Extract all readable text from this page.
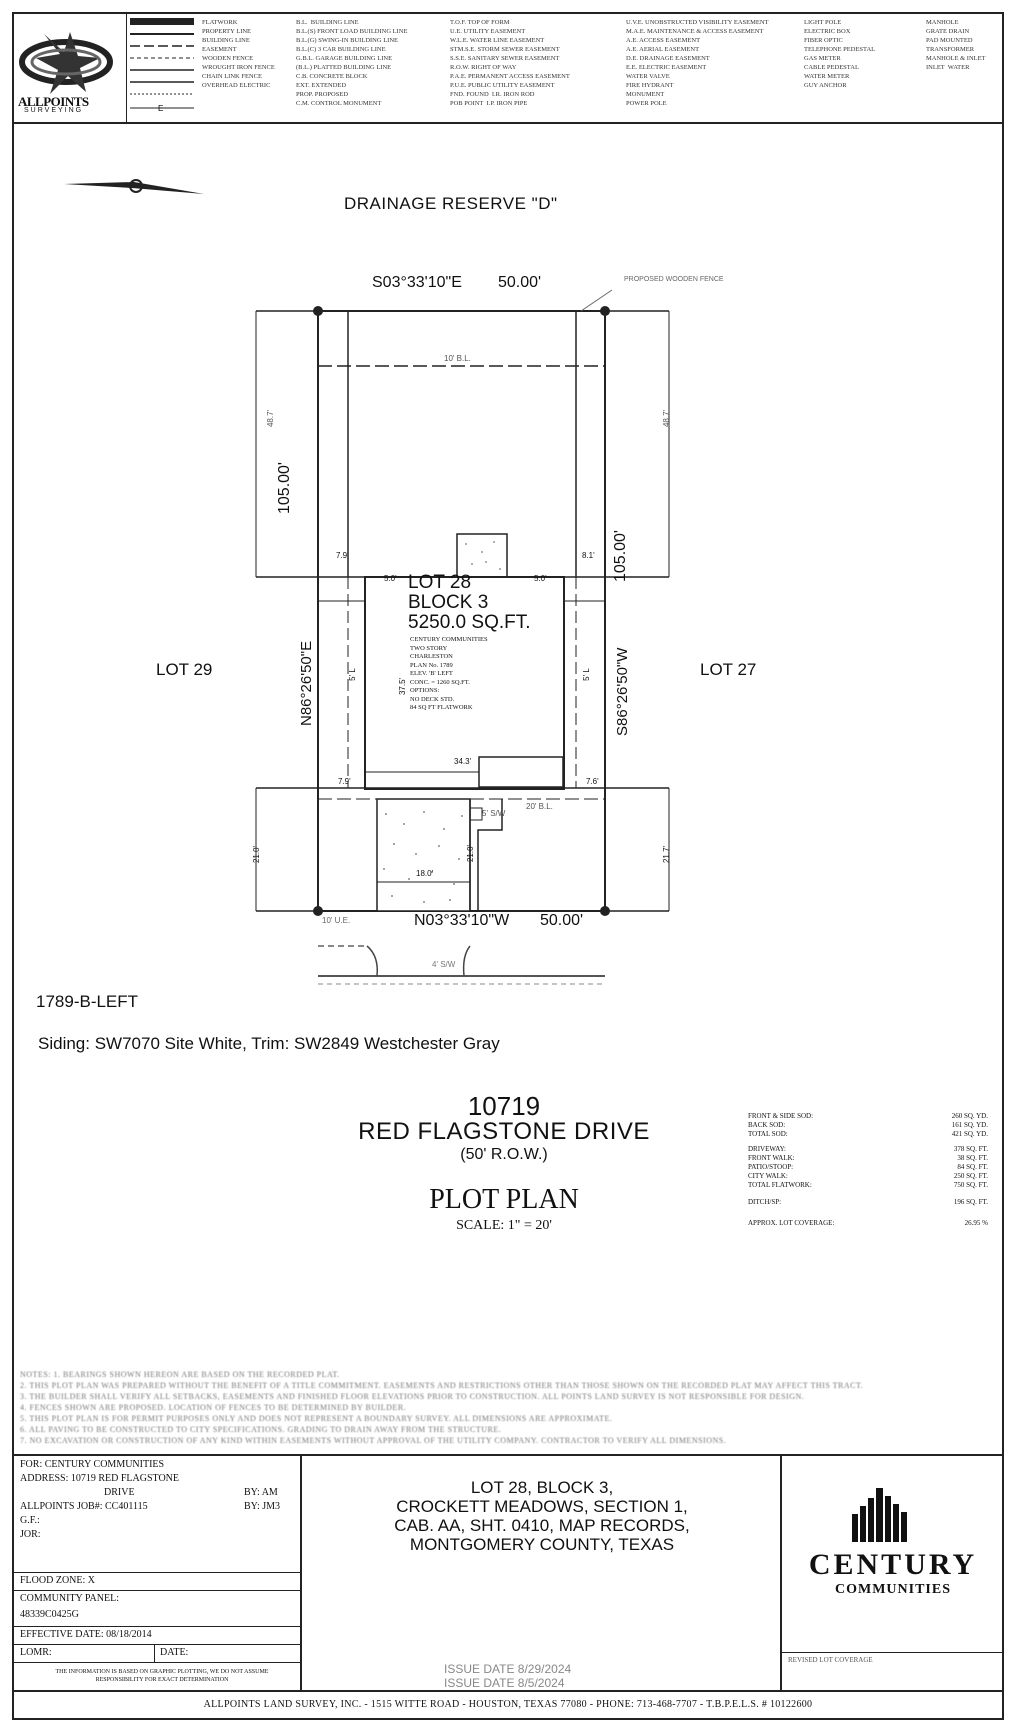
ALLPOINTS
SURVEYING	E
FLATWORK
PROPERTY LINE
BUILDING LINE
EASEMENT
WOODEN FENCE
WROUGHT IRON FENCE
CHAIN LINK FENCE
OVERHEAD ELECTRIC
B.L.  BUILDING LINE
B.L.(S) FRONT LOAD BUILDING LINE
B.L.(G) SWING-IN BUILDING LINE
B.L.(C) 3 CAR BUILDING LINE
G.B.L. GARAGE BUILDING LINE
(B.L.) PLATTED BUILDING LINE
C.B. CONCRETE BLOCK
EXT. EXTENDED
PROP. PROPOSED
C.M. CONTROL MONUMENT
T.O.F. TOP OF FORM
U.E. UTILITY EASEMENT
W.L.E. WATER LINE EASEMENT
STM.S.E. STORM SEWER EASEMENT
S.S.E. SANITARY SEWER EASEMENT
R.O.W. RIGHT OF WAY
P.A.E. PERMANENT ACCESS EASEMENT
P.U.E. PUBLIC UTILITY EASEMENT
FND. FOUND  I.R. IRON ROD
POB POINT  I.P. IRON PIPE
U.V.E. UNOBSTRUCTED VISIBILITY EASEMENT
M.A.E. MAINTENANCE & ACCESS EASEMENT
A.E. ACCESS EASEMENT
A.E. AERIAL EASEMENT
D.E. DRAINAGE EASEMENT
E.E. ELECTRIC EASEMENT
WATER VALVE
FIRE HYDRANT
MONUMENT
POWER POLE
LIGHT POLE
ELECTRIC BOX
FIBER OPTIC
TELEPHONE PEDESTAL
GAS METER
CABLE PEDESTAL
WATER METER
GUY ANCHOR
MANHOLE
GRATE DRAIN
PAD MOUNTED TRANSFORMER
MANHOLE & INLET   INLET  WATER
DRAINAGE RESERVE "D"
S03°33'10"E 50.00'	PROPOSED WOODEN FENCE
10' B.L.
48.7'	48.7'
105.00'
105.00'
N86°26'50"E	S86°26'50"W
LOT 29	LOT 27
7.9'	8.1'
5.0'	5.0'
LOT 28
BLOCK 3
5250.0 SQ.FT.
CENTURY COMMUNITIES
TWO STORY
CHARLESTON
PLAN No. 1789
ELEV. 'B' LEFT
CONC. = 1260 SQ.FT.
OPTIONS:
NO DECK STD.
84 SQ FT FLATWORK
37.5'
5' L	5' L
34.3'
7.9'	7.6'
20' B.L.
5' S/W
21.0'	21.7'
21.0'
18.0'
10' U.E.	N03°33'10"W 50.00'
4' S/W
1789-B-LEFT
Siding: SW7070 Site White, Trim: SW2849 Westchester Gray
10719
RED FLAGSTONE DRIVE
(50' R.O.W.)
PLOT PLAN
SCALE: 1" = 20'
FRONT & SIDE SOD:	260 SQ. YD.
BACK SOD:	161 SQ. YD.
TOTAL SOD:	421 SQ. YD.
DRIVEWAY:	378 SQ. FT.
FRONT WALK:	38 SQ. FT.
PATIO/STOOP:	84 SQ. FT.
CITY WALK:	250 SQ. FT.
TOTAL FLATWORK:	750 SQ. FT.
DITCH/SP:	196 SQ. FT.
APPROX. LOT COVERAGE:	26.95 %
NOTES: 1. BEARINGS SHOWN HEREON ARE BASED ON THE RECORDED PLAT.
2. THIS PLOT PLAN WAS PREPARED WITHOUT THE BENEFIT OF A TITLE COMMITMENT. EASEMENTS AND RESTRICTIONS OTHER THAN THOSE SHOWN ON THE RECORDED PLAT MAY AFFECT THIS TRACT.
3. THE BUILDER SHALL VERIFY ALL SETBACKS, EASEMENTS AND FINISHED FLOOR ELEVATIONS PRIOR TO CONSTRUCTION. ALL POINTS LAND SURVEY IS NOT RESPONSIBLE FOR DESIGN.
4. FENCES SHOWN ARE PROPOSED. LOCATION OF FENCES TO BE DETERMINED BY BUILDER.
5. THIS PLOT PLAN IS FOR PERMIT PURPOSES ONLY AND DOES NOT REPRESENT A BOUNDARY SURVEY. ALL DIMENSIONS ARE APPROXIMATE.
6. ALL PAVING TO BE CONSTRUCTED TO CITY SPECIFICATIONS. GRADING TO DRAIN AWAY FROM THE STRUCTURE.
7. NO EXCAVATION OR CONSTRUCTION OF ANY KIND WITHIN EASEMENTS WITHOUT APPROVAL OF THE UTILITY COMPANY. CONTRACTOR TO VERIFY ALL DIMENSIONS.
FOR: CENTURY COMMUNITIES
ADDRESS: 10719 RED FLAGSTONE
DRIVE	BY: AM
ALLPOINTS JOB#: CC401115	BY: JM3
G.F.:
JOR:
FLOOD ZONE: X
COMMUNITY PANEL:
48339C0425G
EFFECTIVE DATE: 08/18/2014
LOMR:	DATE:
THE INFORMATION IS BASED ON GRAPHIC PLOTTING, WE DO NOT ASSUME RESPONSIBILITY FOR EXACT DETERMINATION
LOT 28, BLOCK 3,
CROCKETT MEADOWS, SECTION 1,
CAB. AA, SHT. 0410, MAP RECORDS,
MONTGOMERY COUNTY, TEXAS
ISSUE DATE 8/29/2024
ISSUE DATE 8/5/2024
CENTURY
COMMUNITIES
REVISED LOT COVERAGE
ALLPOINTS LAND SURVEY, INC. - 1515 WITTE ROAD - HOUSTON, TEXAS 77080 - PHONE: 713-468-7707 - T.B.P.E.L.S. # 10122600
